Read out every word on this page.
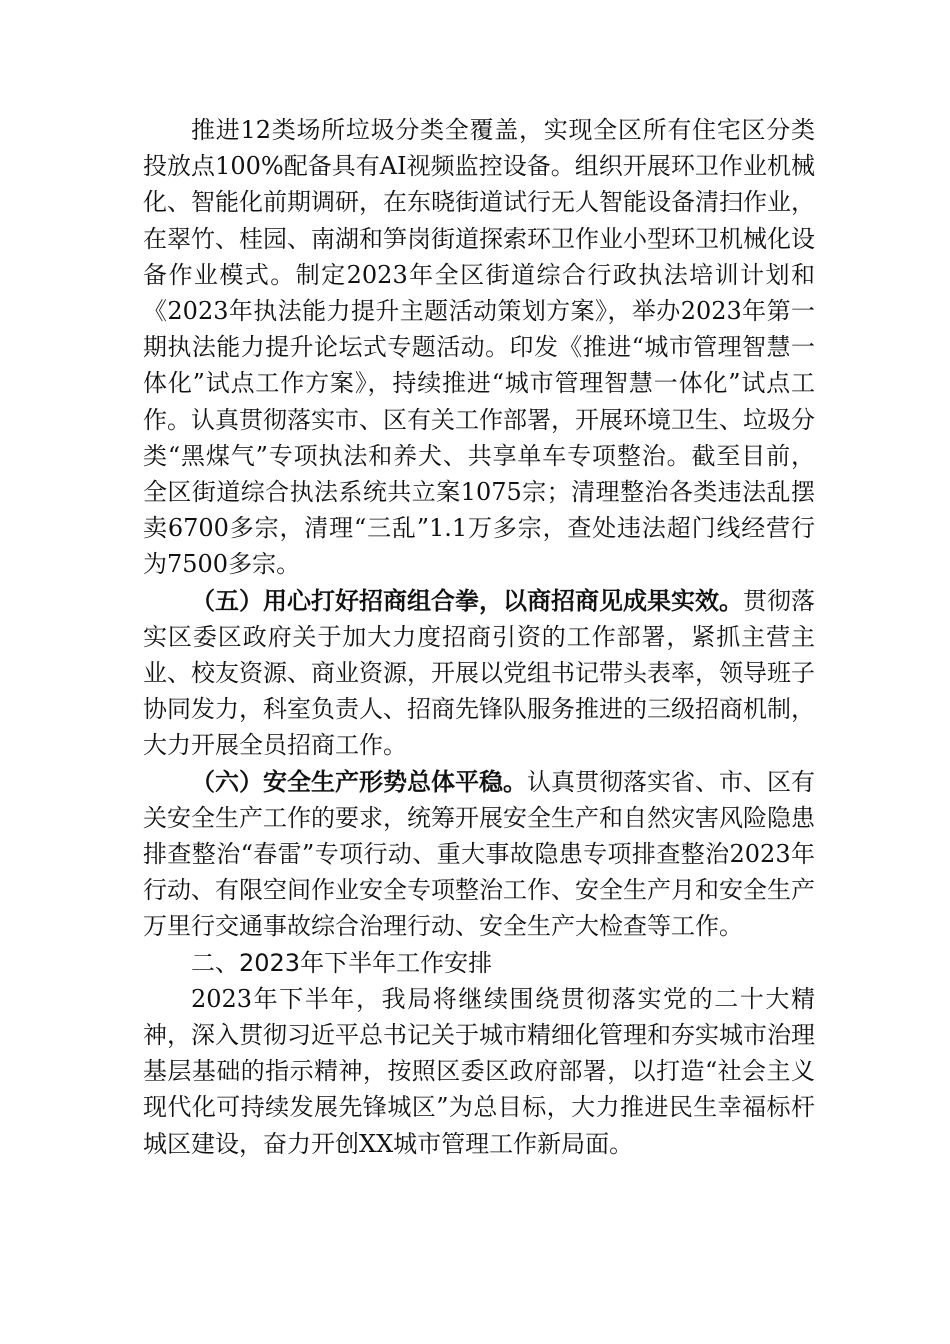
推进12类场所垃圾分类全覆盖，实现全区所有住宅区分类投放点100%配备具有AI视频监控设备。组织开展环卫作业机械化、智能化前期调研，在东晓街道试行无人智能设备清扫作业，在翠竹、桂园、南湖和笋岗街道探索环卫作业小型环卫机械化设备作业模式。制定2023年全区街道综合行政执法培训计划和《2023年执法能力提升主题活动策划方案》，举办2023年第一期执法能力提升论坛式专题活动。印发《推进“城市管理智慧一体化”试点工作方案》，持续推进“城市管理智慧一体化”试点工作。认真贯彻落实市、区有关工作部署，开展环境卫生、垃圾分类“黑煤气”专项执法和养犬、共享单车专项整治。截至目前，全区街道综合执法系统共立案1075宗；清理整治各类违法乱摆卖6700多宗，清理“三乱”1.1万多宗，查处违法超门线经营行为7500多宗。

（五）用心打好招商组合拳，以商招商见成果实效。贯彻落实区委区政府关于加大力度招商引资的工作部署，紧抓主营主业、校友资源、商业资源，开展以党组书记带头表率，领导班子协同发力，科室负责人、招商先锋队服务推进的三级招商机制，大力开展全员招商工作。

（六）安全生产形势总体平稳。认真贯彻落实省、市、区有关安全生产工作的要求，统筹开展安全生产和自然灾害风险隐患排查整治“春雷”专项行动、重大事故隐患专项排查整治2023年行动、有限空间作业安全专项整治工作、安全生产月和安全生产万里行交通事故综合治理行动、安全生产大检查等工作。

二、2023年下半年工作安排

2023年下半年，我局将继续围绕贯彻落实党的二十大精神，深入贯彻习近平总书记关于城市精细化管理和夯实城市治理基层基础的指示精神，按照区委区政府部署，以打造“社会主义现代化可持续发展先锋城区”为总目标，大力推进民生幸福标杆城区建设，奋力开创XX城市管理工作新局面。
